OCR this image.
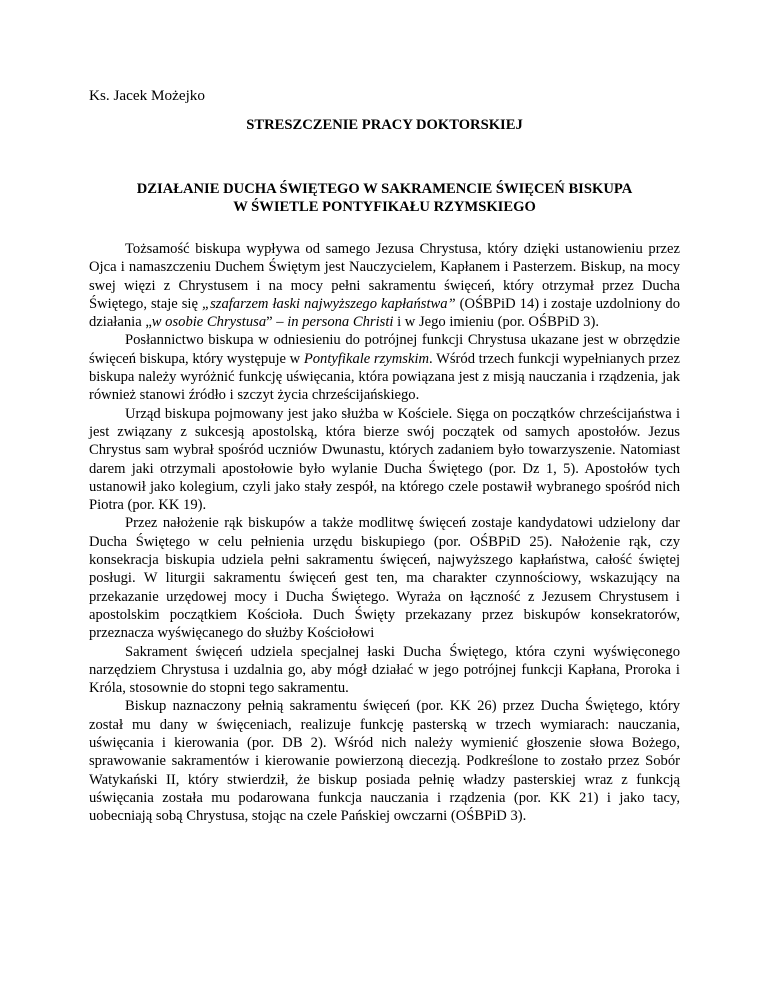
Ks. Jacek Możejko
STRESZCZENIE PRACY DOKTORSKIEJ
DZIAŁANIE DUCHA ŚWIĘTEGO W SAKRAMENCIE ŚWIĘCEŃ BISKUPA
W ŚWIETLE PONTYFIKAŁU RZYMSKIEGO

Tożsamość biskupa wypływa od samego Jezusa Chrystusa, który dzięki ustanowieniu przez Ojca i namaszczeniu Duchem Świętym jest Nauczycielem, Kapłanem i Pasterzem. Biskup, na mocy swej więzi z Chrystusem i na mocy pełni sakramentu święceń, który otrzymał przez Ducha Świętego, staje się „szafarzem łaski najwyższego kapłaństwa” (OŚBPiD 14) i zostaje uzdolniony do działania „w osobie Chrystusa” – in persona Christi i w Jego imieniu (por. OŚBPiD 3).

Posłannictwo biskupa w odniesieniu do potrójnej funkcji Chrystusa ukazane jest w obrzędzie święceń biskupa, który występuje w Pontyfikale rzymskim. Wśród trzech funkcji wypełnianych przez biskupa należy wyróżnić funkcję uświęcania, która powiązana jest z misją nauczania i rządzenia, jak również stanowi źródło i szczyt życia chrześcijańskiego.

Urząd biskupa pojmowany jest jako służba w Kościele. Sięga on początków chrześcijaństwa i jest związany z sukcesją apostolską, która bierze swój początek od samych apostołów. Jezus Chrystus sam wybrał spośród uczniów Dwunastu, których zadaniem było towarzyszenie. Natomiast darem jaki otrzymali apostołowie było wylanie Ducha Świętego (por. Dz 1, 5). Apostołów tych ustanowił jako kolegium, czyli jako stały zespół, na którego czele postawił wybranego spośród nich Piotra (por. KK 19).

Przez nałożenie rąk biskupów a także modlitwę święceń zostaje kandydatowi udzielony dar Ducha Świętego w celu pełnienia urzędu biskupiego (por. OŚBPiD 25). Nałożenie rąk, czy konsekracja biskupia udziela pełni sakramentu święceń, najwyższego kapłaństwa, całość świętej posługi. W liturgii sakramentu święceń gest ten, ma charakter czynnościowy, wskazujący na przekazanie urzędowej mocy i Ducha Świętego. Wyraża on łączność z Jezusem Chrystusem i apostolskim początkiem Kościoła. Duch Święty przekazany przez biskupów konsekratorów, przeznacza wyświęcanego do służby Kościołowi

Sakrament święceń udziela specjalnej łaski Ducha Świętego, która czyni wyświęconego narzędziem Chrystusa i uzdalnia go, aby mógł działać w jego potrójnej funkcji Kapłana, Proroka i Króla, stosownie do stopni tego sakramentu.

Biskup naznaczony pełnią sakramentu święceń (por. KK 26) przez Ducha Świętego, który został mu dany w święceniach, realizuje funkcję pasterską w trzech wymiarach: nauczania, uświęcania i kierowania (por. DB 2). Wśród nich należy wymienić głoszenie słowa Bożego, sprawowanie sakramentów i kierowanie powierzoną diecezją. Podkreślone to zostało przez Sobór Watykański II, który stwierdził, że biskup posiada pełnię władzy pasterskiej wraz z funkcją uświęcania została mu podarowana funkcja nauczania i rządzenia (por. KK 21) i jako tacy, uobecniają sobą Chrystusa, stojąc na czele Pańskiej owczarni (OŚBPiD 3).
